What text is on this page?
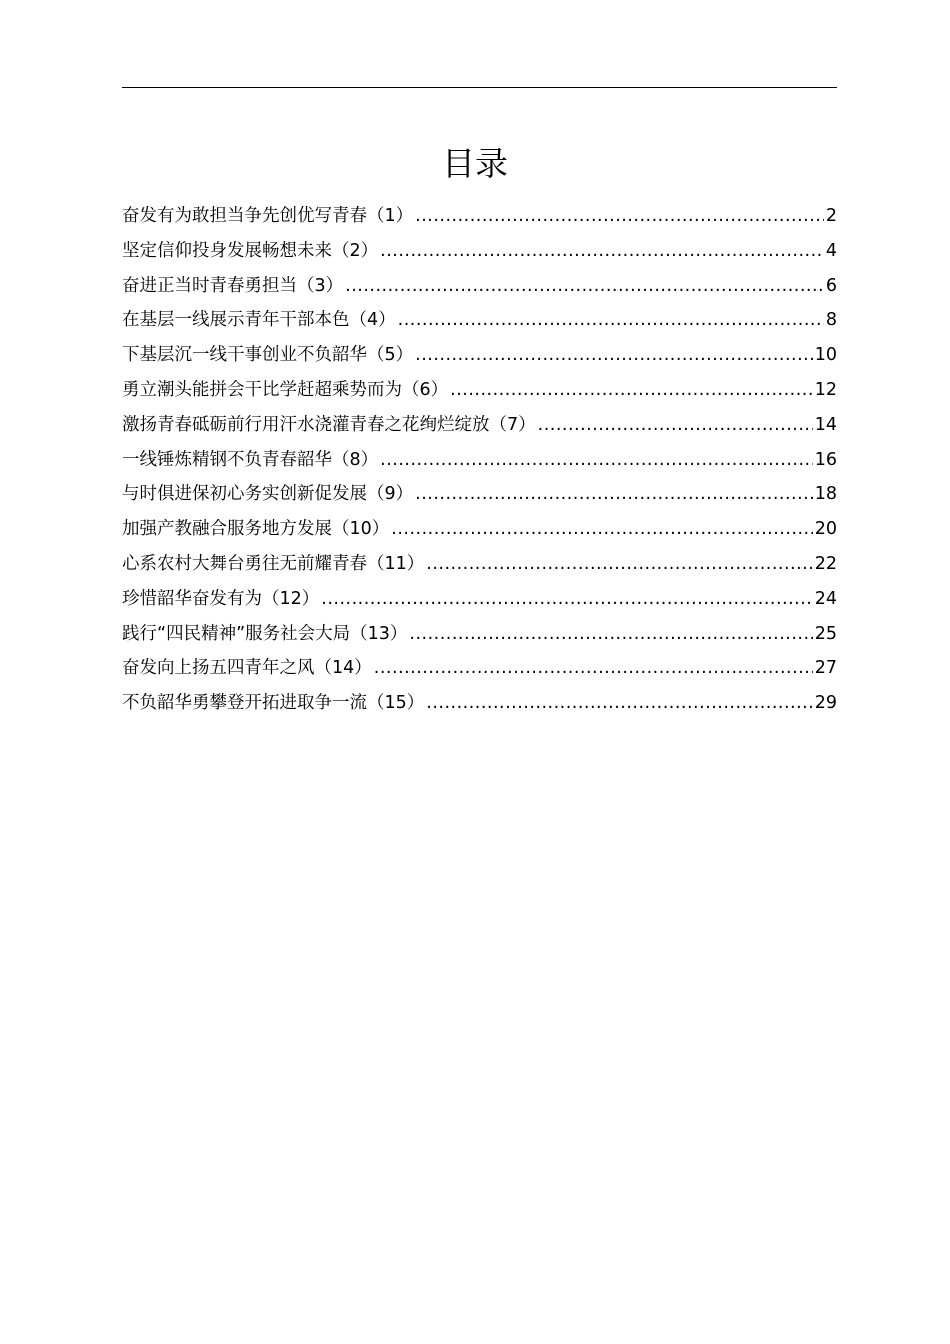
目录
奋发有为敢担当争先创优写青春（1） .....	2
坚定信仰投身发展畅想未来（2） .....	4
奋进正当时青春勇担当（3） .....	6
在基层一线展示青年干部本色（4） .....	8
下基层沉一线干事创业不负韶华（5） .....	10
勇立潮头能拼会干比学赶超乘势而为（6） .....	12
激扬青春砥砺前行用汗水浇灌青春之花绚烂绽放（7） .....	14
一线锤炼精钢不负青春韶华（8） .....	16
与时俱进保初心务实创新促发展（9） .....	18
加强产教融合服务地方发展（10） .....	20
心系农村大舞台勇往无前耀青春（11） .....	22
珍惜韶华奋发有为（12） .....	24
践行“四民精神”服务社会大局（13） .....	25
奋发向上扬五四青年之风（14） .....	27
不负韶华勇攀登开拓进取争一流（15） .....	29
